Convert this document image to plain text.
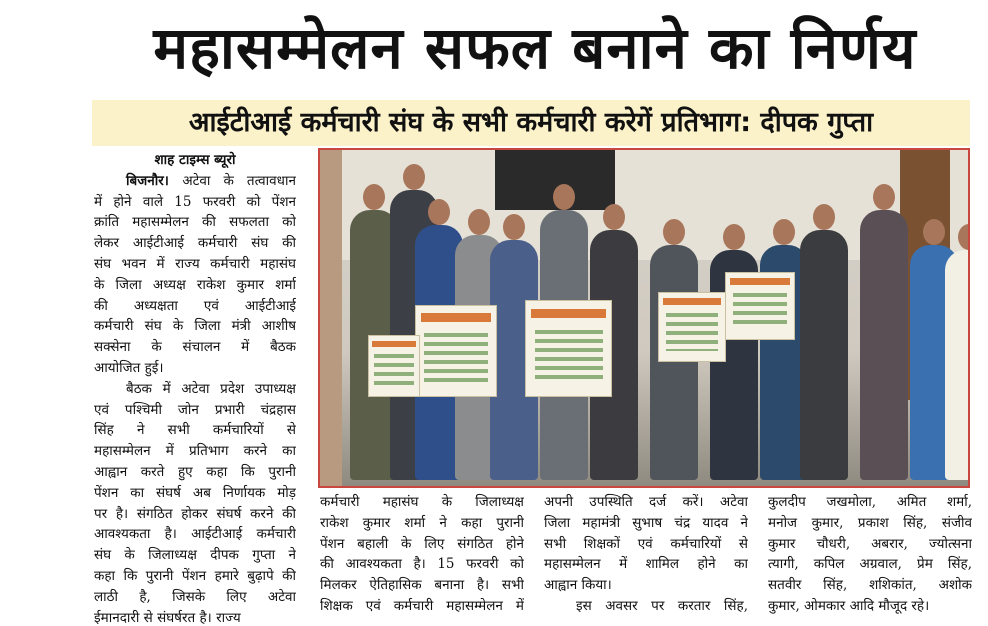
महासम्मेलन सफल बनाने का निर्णय
आईटीआई कर्मचारी संघ के सभी कर्मचारी करेगें प्रतिभाग: दीपक गुप्ता
शाह टाइम्स ब्यूरो
बिजनौर। अटेवा के तत्वावधान
में होने वाले 15 फरवरी को पेंशन
क्रांति महासम्मेलन की सफलता को
लेकर आईटीआई कर्मचारी संघ की
संघ भवन में राज्य कर्मचारी महासंघ
के जिला अध्यक्ष राकेश कुमार शर्मा
की अध्यक्षता एवं आईटीआई
कर्मचारी संघ के जिला मंत्री आशीष
सक्सेना के संचालन में बैठक
आयोजित हुई।
बैठक में अटेवा प्रदेश उपाध्यक्ष
एवं पश्चिमी जोन प्रभारी चंद्रहास
सिंह ने सभी कर्मचारियों से
महासम्मेलन में प्रतिभाग करने का
आह्वान करते हुए कहा कि पुरानी
पेंशन का संघर्ष अब निर्णायक मोड़
पर है। संगठित होकर संघर्ष करने की
आवश्यकता है। आईटीआई कर्मचारी
संघ के जिलाध्यक्ष दीपक गुप्ता ने
कहा कि पुरानी पेंशन हमारे बुढ़ापे की
लाठी है, जिसके लिए अटेवा
ईमानदारी से संघर्षरत है। राज्य
कर्मचारी महासंघ के जिलाध्यक्ष
राकेश कुमार शर्मा ने कहा पुरानी
पेंशन बहाली के लिए संगठित होने
की आवश्यकता है। 15 फरवरी को
मिलकर ऐतिहासिक बनाना है। सभी
शिक्षक एवं कर्मचारी महासम्मेलन में
अपनी उपस्थिति दर्ज करें। अटेवा
जिला महामंत्री सुभाष चंद्र यादव ने
सभी शिक्षकों एवं कर्मचारियों से
महासम्मेलन में शामिल होने का
आह्वान किया।
इस अवसर पर करतार सिंह,
कुलदीप जखमोला, अमित शर्मा,
मनोज कुमार, प्रकाश सिंह, संजीव
कुमार चौधरी, अबरार, ज्योत्सना
त्यागी, कपिल अग्रवाल, प्रेम सिंह,
सतवीर सिंह, शशिकांत, अशोक
कुमार, ओमकार आदि मौजूद रहे।
